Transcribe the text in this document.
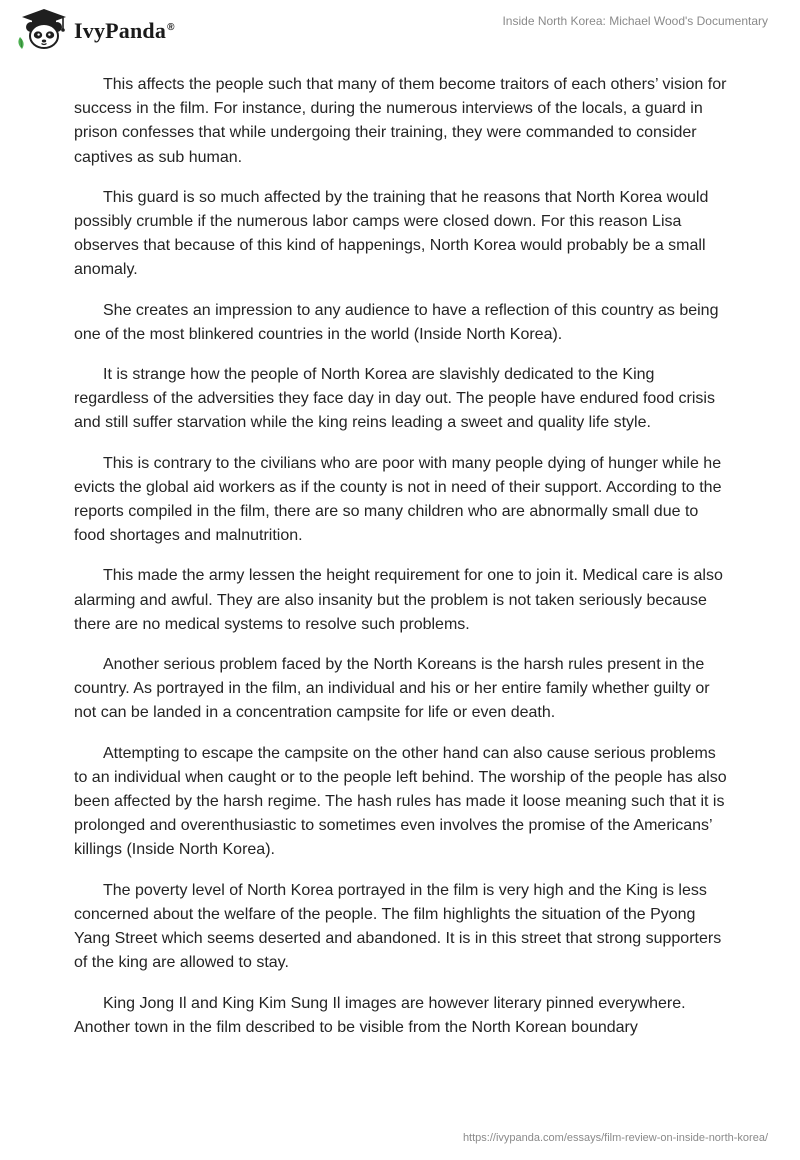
IvyPanda®	Inside North Korea: Michael Wood's Documentary

This affects the people such that many of them become traitors of each others’ vision for success in the film. For instance, during the numerous interviews of the locals, a guard in prison confesses that while undergoing their training, they were commanded to consider captives as sub human.

This guard is so much affected by the training that he reasons that North Korea would possibly crumble if the numerous labor camps were closed down. For this reason Lisa observes that because of this kind of happenings, North Korea would probably be a small anomaly.

She creates an impression to any audience to have a reflection of this country as being one of the most blinkered countries in the world (Inside North Korea).

It is strange how the people of North Korea are slavishly dedicated to the King regardless of the adversities they face day in day out. The people have endured food crisis and still suffer starvation while the king reins leading a sweet and quality life style.

This is contrary to the civilians who are poor with many people dying of hunger while he evicts the global aid workers as if the county is not in need of their support. According to the reports compiled in the film, there are so many children who are abnormally small due to food shortages and malnutrition.

This made the army lessen the height requirement for one to join it. Medical care is also alarming and awful. They are also insanity but the problem is not taken seriously because there are no medical systems to resolve such problems.

Another serious problem faced by the North Koreans is the harsh rules present in the country. As portrayed in the film, an individual and his or her entire family whether guilty or not can be landed in a concentration campsite for life or even death.

Attempting to escape the campsite on the other hand can also cause serious problems to an individual when caught or to the people left behind. The worship of the people has also been affected by the harsh regime. The hash rules has made it loose meaning such that it is prolonged and overenthusiastic to sometimes even involves the promise of the Americans’ killings (Inside North Korea).

The poverty level of North Korea portrayed in the film is very high and the King is less concerned about the welfare of the people. The film highlights the situation of the Pyong Yang Street which seems deserted and abandoned. It is in this street that strong supporters of the king are allowed to stay.

King Jong Il and King Kim Sung Il images are however literary pinned everywhere. Another town in the film described to be visible from the North Korean boundary

https://ivypanda.com/essays/film-review-on-inside-north-korea/
